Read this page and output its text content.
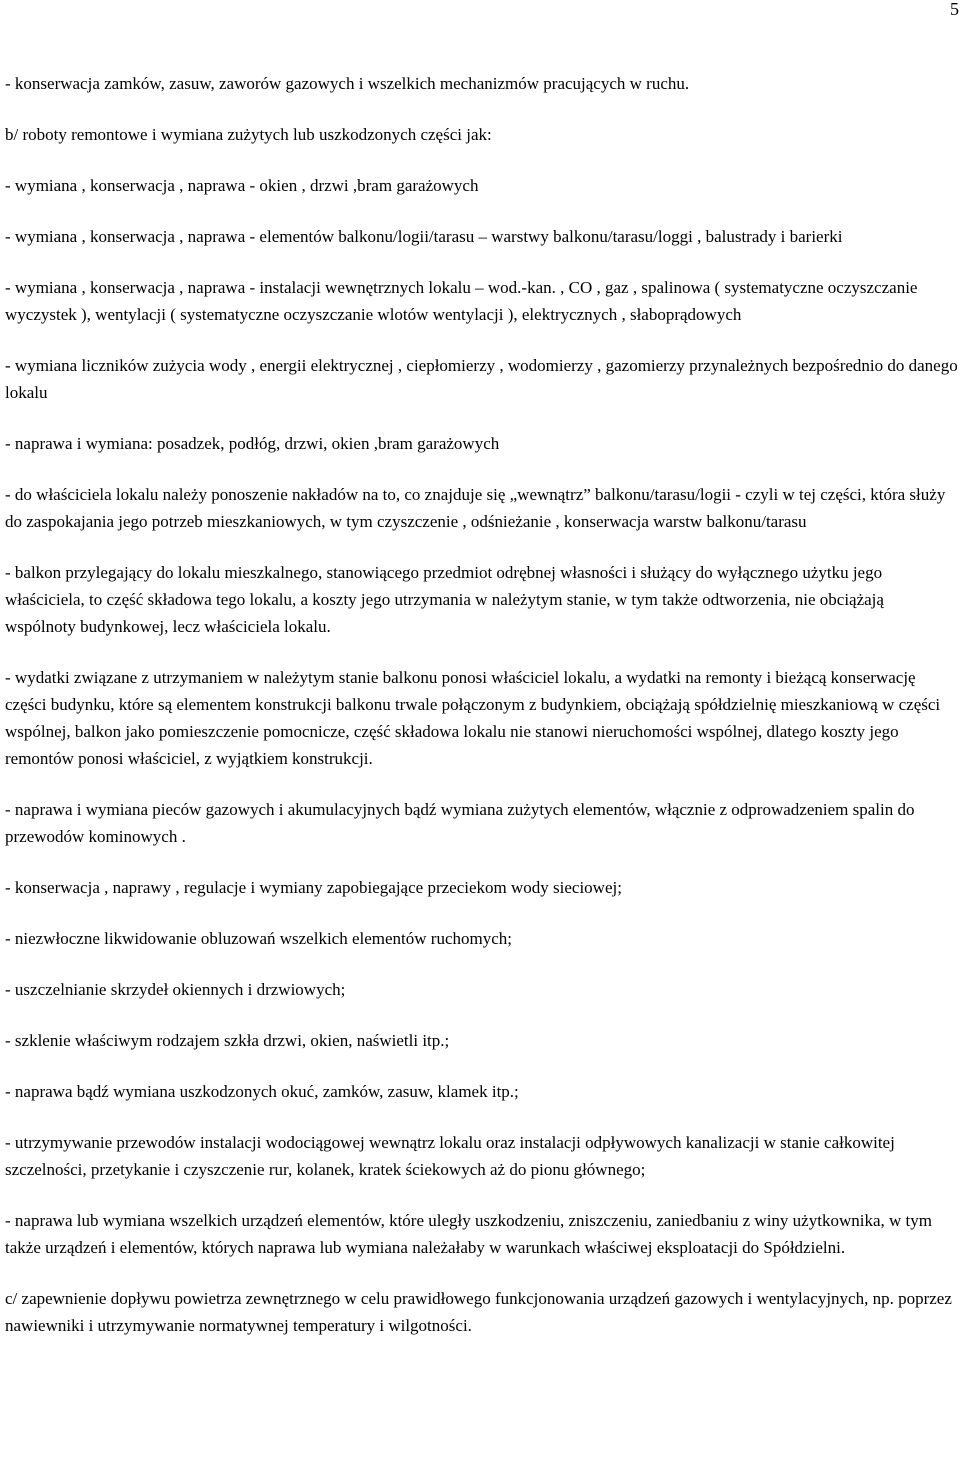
5

- konserwacja zamków, zasuw, zaworów gazowych i wszelkich mechanizmów pracujących w ruchu.

b/ roboty remontowe i wymiana zużytych lub uszkodzonych części jak:

- wymiana , konserwacja , naprawa - okien , drzwi ,bram garażowych

- wymiana , konserwacja , naprawa - elementów balkonu/logii/tarasu – warstwy balkonu/tarasu/loggi , balustrady i barierki

- wymiana , konserwacja , naprawa - instalacji wewnętrznych lokalu – wod.-kan. , CO , gaz , spalinowa ( systematyczne oczyszczanie wyczystek ), wentylacji ( systematyczne oczyszczanie wlotów wentylacji ), elektrycznych , słaboprądowych

- wymiana liczników zużycia wody , energii elektrycznej , ciepłomierzy , wodomierzy , gazomierzy przynależnych bezpośrednio do danego lokalu

- naprawa i wymiana: posadzek, podłóg, drzwi, okien ,bram garażowych

- do właściciela lokalu należy ponoszenie nakładów na to, co znajduje się „wewnątrz” balkonu/tarasu/logii - czyli w tej części, która służy do zaspokajania jego potrzeb mieszkaniowych, w tym czyszczenie , odśnieżanie , konserwacja warstw balkonu/tarasu

- balkon przylegający do lokalu mieszkalnego, stanowiącego przedmiot odrębnej własności i służący do wyłącznego użytku jego właściciela, to część składowa tego lokalu, a koszty jego utrzymania w należytym stanie, w tym także odtworzenia, nie obciążają wspólnoty budynkowej, lecz właściciela lokalu.

- wydatki związane z utrzymaniem w należytym stanie balkonu ponosi właściciel lokalu, a wydatki na remonty i bieżącą konserwację części budynku, które są elementem konstrukcji balkonu trwale połączonym z budynkiem, obciążają spółdzielnię mieszkaniową w części wspólnej, balkon jako pomieszczenie pomocnicze, część składowa lokalu nie stanowi nieruchomości wspólnej, dlatego koszty jego remontów ponosi właściciel, z wyjątkiem konstrukcji.

- naprawa i wymiana pieców gazowych i akumulacyjnych bądź wymiana zużytych elementów, włącznie z odprowadzeniem spalin do przewodów kominowych .

- konserwacja , naprawy , regulacje i wymiany zapobiegające przeciekom wody sieciowej;

- niezwłoczne likwidowanie obluzowań wszelkich elementów ruchomych;

- uszczelnianie skrzydeł okiennych i drzwiowych;

- szklenie właściwym rodzajem szkła drzwi, okien, naświetli itp.;

- naprawa bądź wymiana uszkodzonych okuć, zamków, zasuw, klamek itp.;

- utrzymywanie przewodów instalacji wodociągowej wewnątrz lokalu oraz instalacji odpływowych kanalizacji w stanie całkowitej szczelności, przetykanie i czyszczenie rur, kolanek, kratek ściekowych aż do pionu głównego;

- naprawa lub wymiana wszelkich urządzeń elementów, które uległy uszkodzeniu, zniszczeniu, zaniedbaniu z winy użytkownika, w tym także urządzeń i elementów, których naprawa lub wymiana należałaby w warunkach właściwej eksploatacji do Spółdzielni.

c/ zapewnienie dopływu powietrza zewnętrznego w celu prawidłowego funkcjonowania urządzeń gazowych i wentylacyjnych, np. poprzez nawiewniki i utrzymywanie normatywnej temperatury i wilgotności.
